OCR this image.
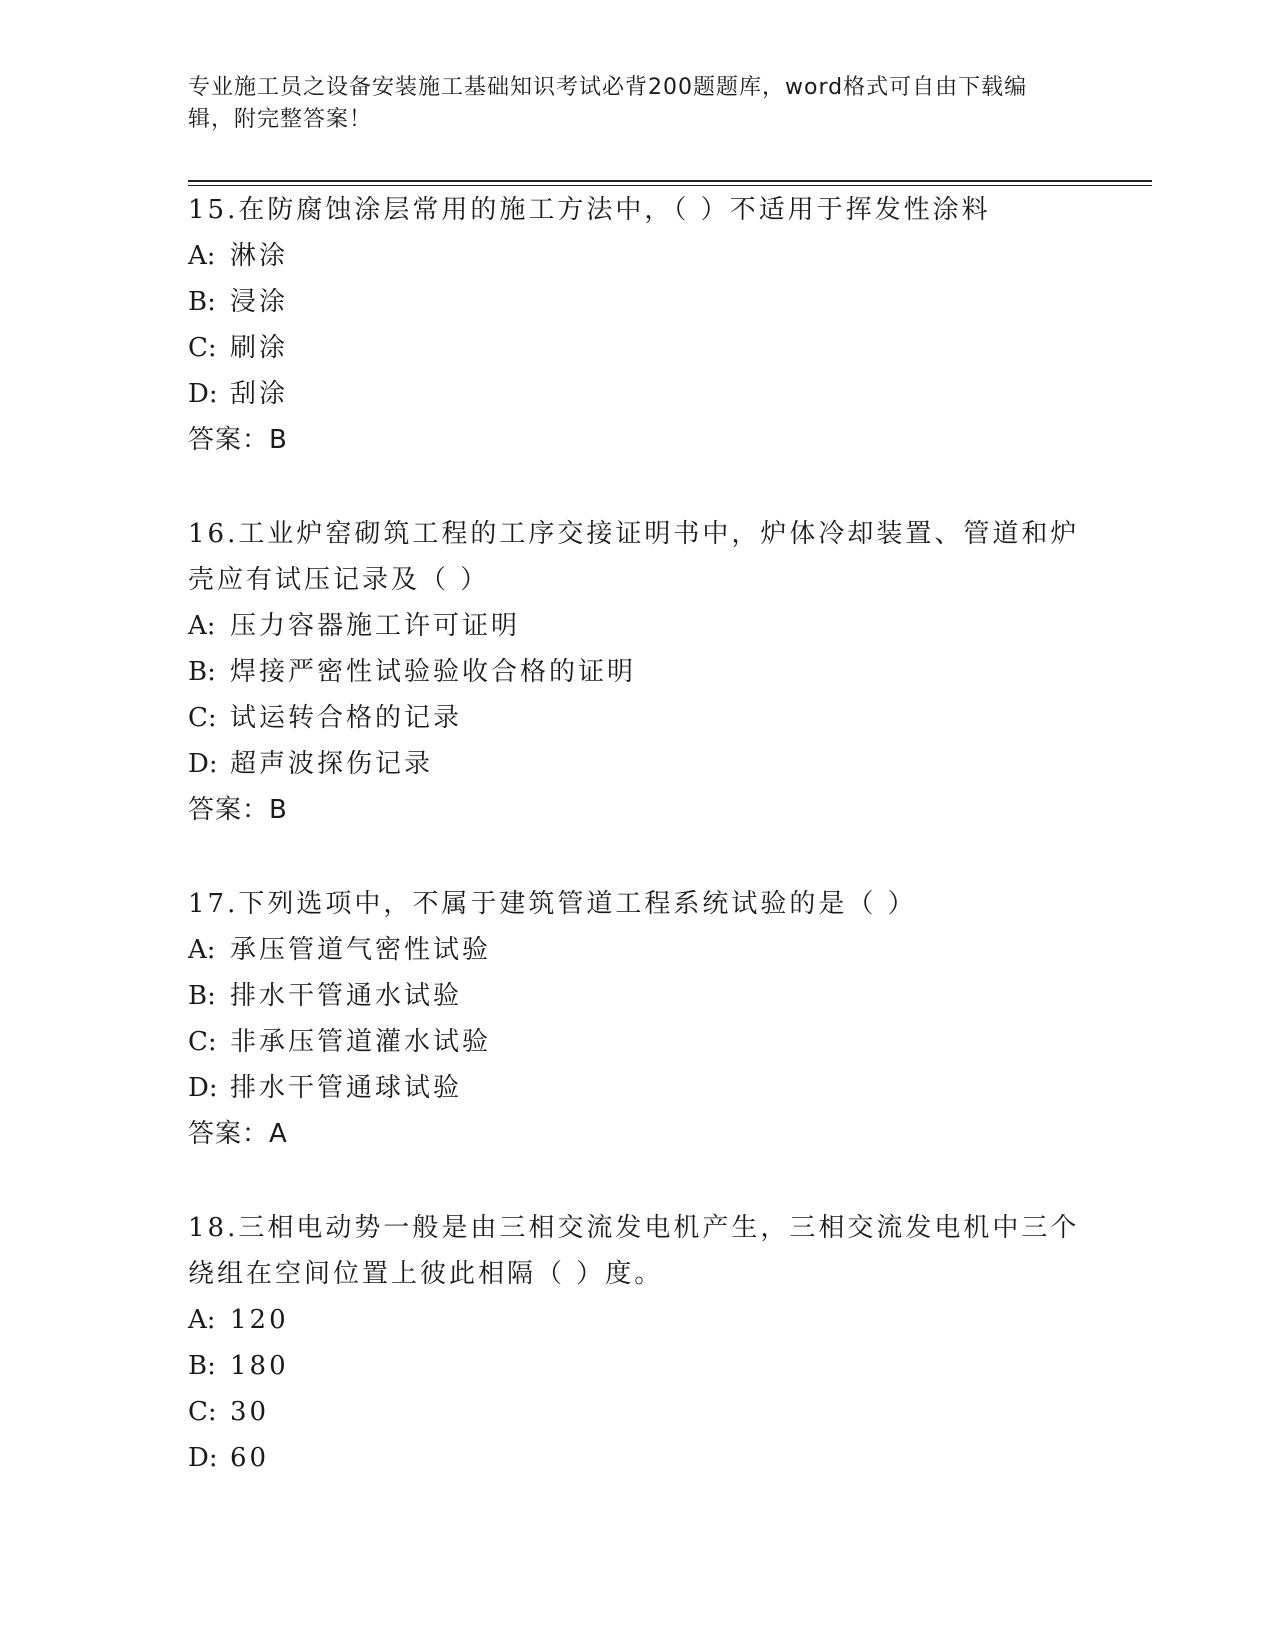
专业施工员之设备安装施工基础知识考试必背200题题库，word格式可自由下载编辑，附完整答案！
15.在防腐蚀涂层常用的施工方法中，（ ）不适用于挥发性涂料
A: 淋涂
B: 浸涂
C: 刷涂
D: 刮涂
答案：B
16.工业炉窑砌筑工程的工序交接证明书中，炉体冷却装置、管道和炉壳应有试压记录及（ ）
A: 压力容器施工许可证明
B: 焊接严密性试验验收合格的证明
C: 试运转合格的记录
D: 超声波探伤记录
答案：B
17.下列选项中，不属于建筑管道工程系统试验的是（ ）
A: 承压管道气密性试验
B: 排水干管通水试验
C: 非承压管道灌水试验
D: 排水干管通球试验
答案：A
18.三相电动势一般是由三相交流发电机产生，三相交流发电机中三个绕组在空间位置上彼此相隔（ ）度。
A: 120
B: 180
C: 30
D: 60
